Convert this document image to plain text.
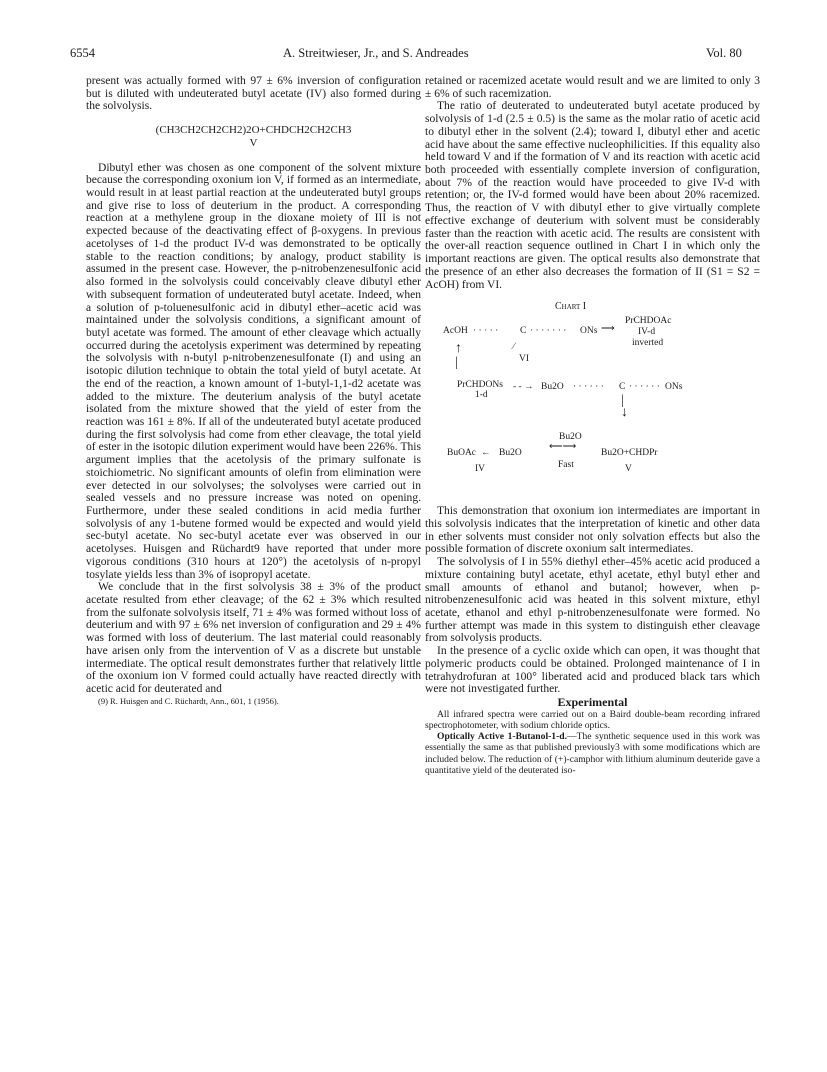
6554	A. Streitwieser, Jr., and S. Andreades	Vol. 80

present was actually formed with 97 ± 6% inversion of configuration but is diluted with undeuterated butyl acetate (IV) also formed during the solvolysis.

(CH3CH2CH2CH2)2O+CHDCH2CH2CH3
V

Dibutyl ether was chosen as one component of the solvent mixture because the corresponding oxonium ion V, if formed as an intermediate, would result in at least partial reaction at the undeuterated butyl groups and give rise to loss of deuterium in the product. A corresponding reaction at a methylene group in the dioxane moiety of III is not expected because of the deactivating effect of β-oxygens. In previous acetolyses of 1-d the product IV-d was demonstrated to be optically stable to the reaction conditions; by analogy, product stability is assumed in the present case. However, the p-nitrobenzenesulfonic acid also formed in the solvolysis could conceivably cleave dibutyl ether with subsequent formation of undeuterated butyl acetate. Indeed, when a solution of p-toluenesulfonic acid in dibutyl ether–acetic acid was maintained under the solvolysis conditions, a significant amount of butyl acetate was formed. The amount of ether cleavage which actually occurred during the acetolysis experiment was determined by repeating the solvolysis with n-butyl p-nitrobenzenesulfonate (I) and using an isotopic dilution technique to obtain the total yield of butyl acetate. At the end of the reaction, a known amount of 1-butyl-1,1-d2 acetate was added to the mixture. The deuterium analysis of the butyl acetate isolated from the mixture showed that the yield of ester from the reaction was 161 ± 8%. If all of the undeuterated butyl acetate produced during the first solvolysis had come from ether cleavage, the total yield of ester in the isotopic dilution experiment would have been 226%. This argument implies that the acetolysis of the primary sulfonate is stoichiometric. No significant amounts of olefin from elimination were ever detected in our solvolyses; the solvolyses were carried out in sealed vessels and no pressure increase was noted on opening. Furthermore, under these sealed conditions in acid media further solvolysis of any 1-butene formed would be expected and would yield sec-butyl acetate. No sec-butyl acetate ever was observed in our acetolyses. Huisgen and Rüchardt9 have reported that under more vigorous conditions (310 hours at 120°) the acetolysis of n-propyl tosylate yields less than 3% of isopropyl acetate.

We conclude that in the first solvolysis 38 ± 3% of the product acetate resulted from ether cleavage; of the 62 ± 3% which resulted from the sulfonate solvolysis itself, 71 ± 4% was formed without loss of deuterium and with 97 ± 6% net inversion of configuration and 29 ± 4% was formed with loss of deuterium. The last material could reasonably have arisen only from the intervention of V as a discrete but unstable intermediate. The optical result demonstrates further that relatively little of the oxonium ion V formed could actually have reacted directly with acetic acid for deuterated and

(9) R. Huisgen and C. Rüchardt, Ann., 601, 1 (1956).

retained or racemized acetate would result and we are limited to only 3 ± 6% of such racemization.

The ratio of deuterated to undeuterated butyl acetate produced by solvolysis of 1-d (2.5 ± 0.5) is the same as the molar ratio of acetic acid to dibutyl ether in the solvent (2.4); toward I, dibutyl ether and acetic acid have about the same effective nucleophilicities. If this equality also held toward V and if the formation of V and its reaction with acetic acid both proceeded with essentially complete inversion of configuration, about 7% of the reaction would have proceeded to give IV-d with retention; or, the IV-d formed would have been about 20% racemized. Thus, the reaction of V with dibutyl ether to give virtually complete effective exchange of deuterium with solvent must be considerably faster than the reaction with acetic acid. The results are consistent with the over-all reaction sequence outlined in Chart I in which only the important reactions are given. The optical results also demonstrate that the presence of an ether also decreases the formation of II (S1 = S2 = AcOH) from VI.

Chart I
AcOH · · · · · C · · · · · · · ONs ⟶
PrCHDOAc
IV-d
inverted
⁄
VI
↑
|
PrCHDONs
1-d
- - → Bu2O · · · · · · C · · · · · · ONs
|
↓
Bu2O
⟵⟶
BuOAc ← Bu2O
Fast
Bu2O+CHDPr
IV	V

This demonstration that oxonium ion intermediates are important in this solvolysis indicates that the interpretation of kinetic and other data in ether solvents must consider not only solvation effects but also the possible formation of discrete oxonium salt intermediates.

The solvolysis of I in 55% diethyl ether–45% acetic acid produced a mixture containing butyl acetate, ethyl acetate, ethyl butyl ether and small amounts of ethanol and butanol; however, when p-nitrobenzenesulfonic acid was heated in this solvent mixture, ethyl acetate, ethanol and ethyl p-nitrobenzenesulfonate were formed. No further attempt was made in this system to distinguish ether cleavage from solvolysis products.

In the presence of a cyclic oxide which can open, it was thought that polymeric products could be obtained. Prolonged maintenance of I in tetrahydrofuran at 100° liberated acid and produced black tars which were not investigated further.

Experimental

All infrared spectra were carried out on a Baird double-beam recording infrared spectrophotometer, with sodium chloride optics.

Optically Active 1-Butanol-1-d.—The synthetic sequence used in this work was essentially the same as that published previously3 with some modifications which are included below. The reduction of (+)-camphor with lithium aluminum deuteride gave a quantitative yield of the deuterated iso-
